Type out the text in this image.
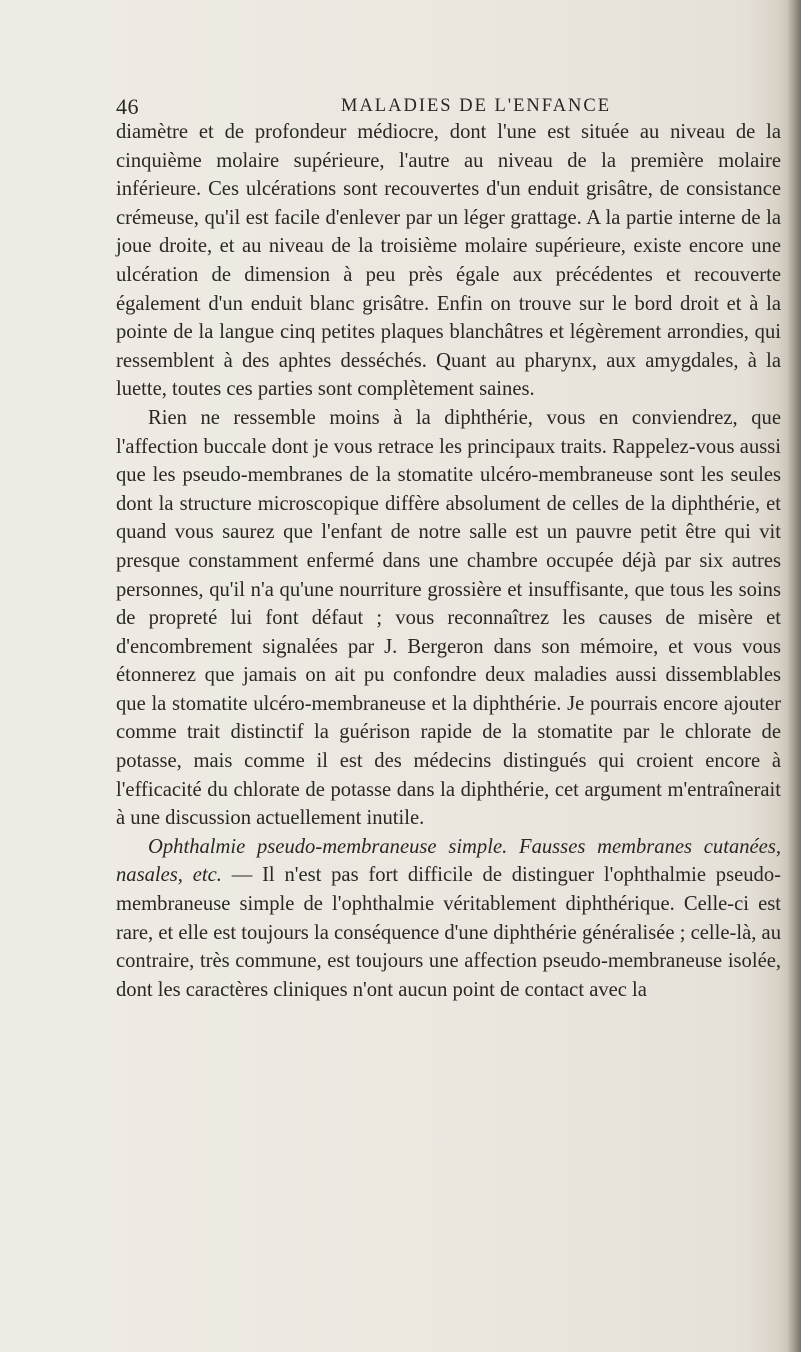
46	MALADIES DE L'ENFANCE

diamètre et de profondeur médiocre, dont l'une est située au niveau de la cinquième molaire supérieure, l'autre au niveau de la première molaire inférieure. Ces ulcérations sont recouvertes d'un enduit grisâtre, de consistance crémeuse, qu'il est facile d'enlever par un léger grattage. A la partie interne de la joue droite, et au niveau de la troisième molaire supérieure, existe encore une ulcération de dimension à peu près égale aux précédentes et recouverte également d'un enduit blanc grisâtre. Enfin on trouve sur le bord droit et à la pointe de la langue cinq petites plaques blanchâtres et légèrement arrondies, qui ressemblent à des aphtes desséchés. Quant au pharynx, aux amygdales, à la luette, toutes ces parties sont complètement saines.

Rien ne ressemble moins à la diphthérie, vous en conviendrez, que l'affection buccale dont je vous retrace les principaux traits. Rappelez-vous aussi que les pseudo-membranes de la stomatite ulcéro-membraneuse sont les seules dont la structure microscopique diffère absolument de celles de la diphthérie, et quand vous saurez que l'enfant de notre salle est un pauvre petit être qui vit presque constamment enfermé dans une chambre occupée déjà par six autres personnes, qu'il n'a qu'une nourriture grossière et insuffisante, que tous les soins de propreté lui font défaut ; vous reconnaîtrez les causes de misère et d'encombrement signalées par J. Bergeron dans son mémoire, et vous vous étonnerez que jamais on ait pu confondre deux maladies aussi dissemblables que la stomatite ulcéro-membraneuse et la diphthérie. Je pourrais encore ajouter comme trait distinctif la guérison rapide de la stomatite par le chlorate de potasse, mais comme il est des médecins distingués qui croient encore à l'efficacité du chlorate de potasse dans la diphthérie, cet argument m'entraînerait à une discussion actuellement inutile.

Ophthalmie pseudo-membraneuse simple. Fausses membranes cutanées, nasales, etc. — Il n'est pas fort difficile de distinguer l'ophthalmie pseudo-membraneuse simple de l'ophthalmie véritablement diphthérique. Celle-ci est rare, et elle est toujours la conséquence d'une diphthérie généralisée ; celle-là, au contraire, très commune, est toujours une affection pseudo-membraneuse isolée, dont les caractères cliniques n'ont aucun point de contact avec la
